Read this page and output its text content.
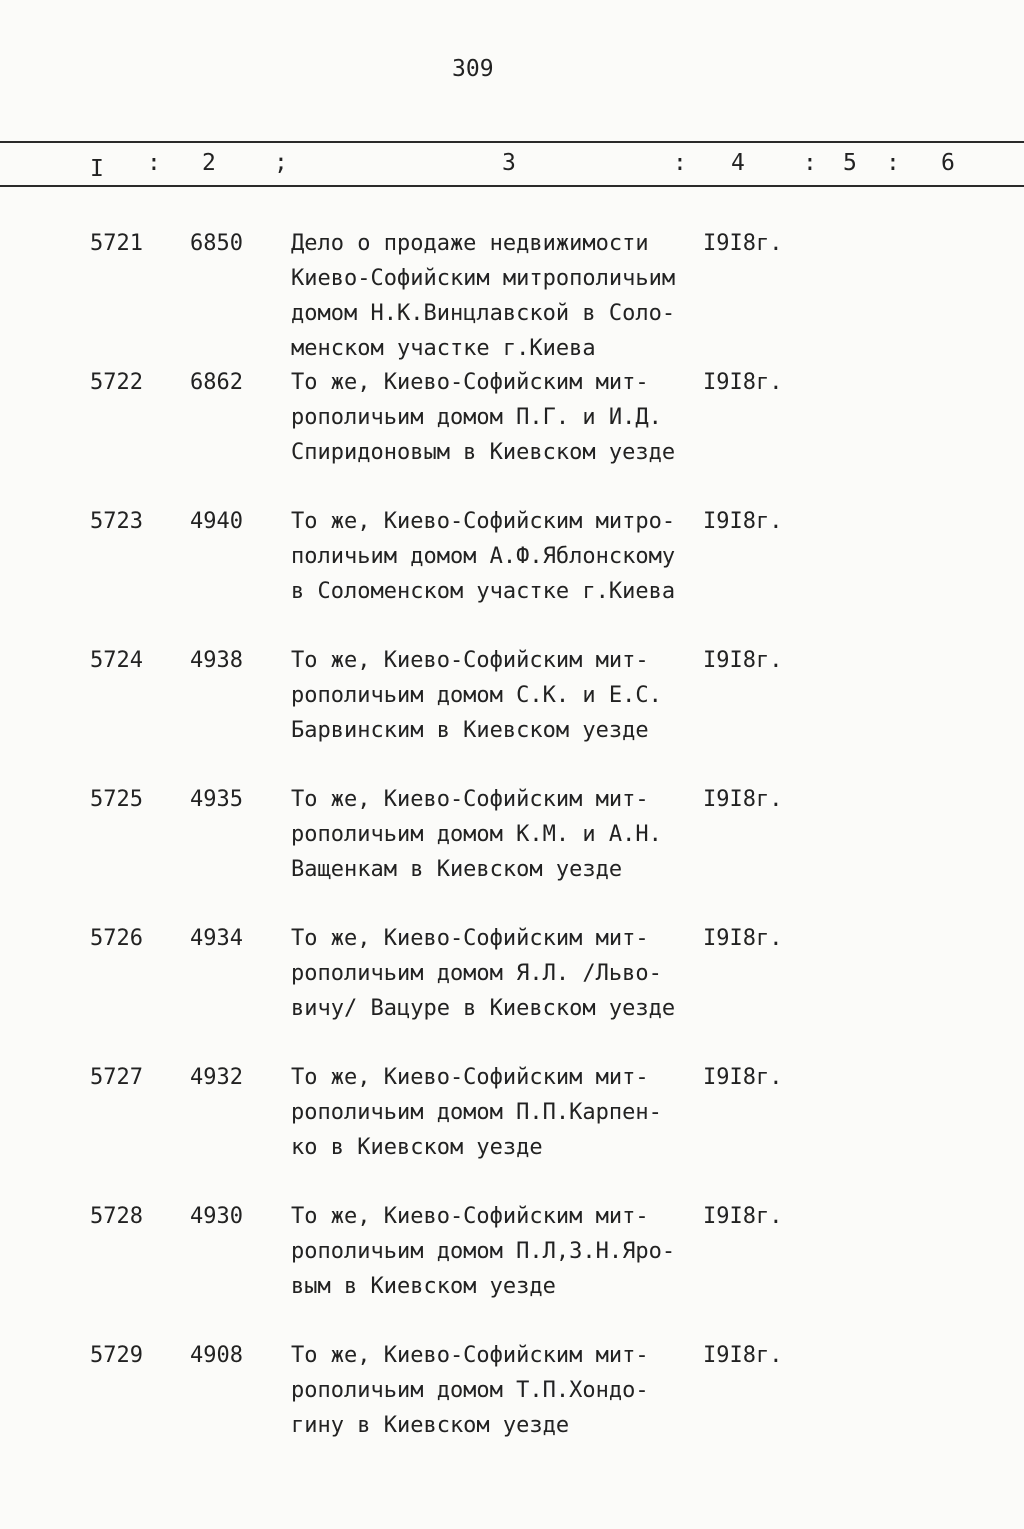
309
I : 2	;	3	: 4	: 5 : 6
5721 6850 Дело о продаже недвижимости
Киево-Софийским митрополичьим
домом Н.К.Винцлавской в Соло-
менском участке г.Киева
I9I8г.
5722 6862 То же, Киево-Софийским мит-
рополичьим домом П.Г. и И.Д.
Спиридоновым в Киевском уезде
I9I8г.
5723 4940 То же, Киево-Софийским митро-
поличьим домом А.Ф.Яблонскому
в Соломенском участке г.Киева
I9I8г.
5724 4938 То же, Киево-Софийским мит-
рополичьим домом С.К. и Е.С.
Барвинским в Киевском уезде
I9I8г.
5725 4935 То же, Киево-Софийским мит-
рополичьим домом К.М. и А.Н.
Ващенкам в Киевском уезде
I9I8г.
5726 4934 То же, Киево-Софийским мит-
рополичьим домом Я.Л. /Льво-
вичу/ Вацуре в Киевском уезде
I9I8г.
5727 4932 То же, Киево-Софийским мит-
рополичьим домом П.П.Карпен-
ко в Киевском уезде
I9I8г.
5728 4930 То же, Киево-Софийским мит-
рополичьим домом П.Л,З.Н.Яро-
вым в Киевском уезде
I9I8г.
5729 4908 То же, Киево-Софийским мит-
рополичьим домом Т.П.Хондо-
гину в Киевском уезде
I9I8г.
